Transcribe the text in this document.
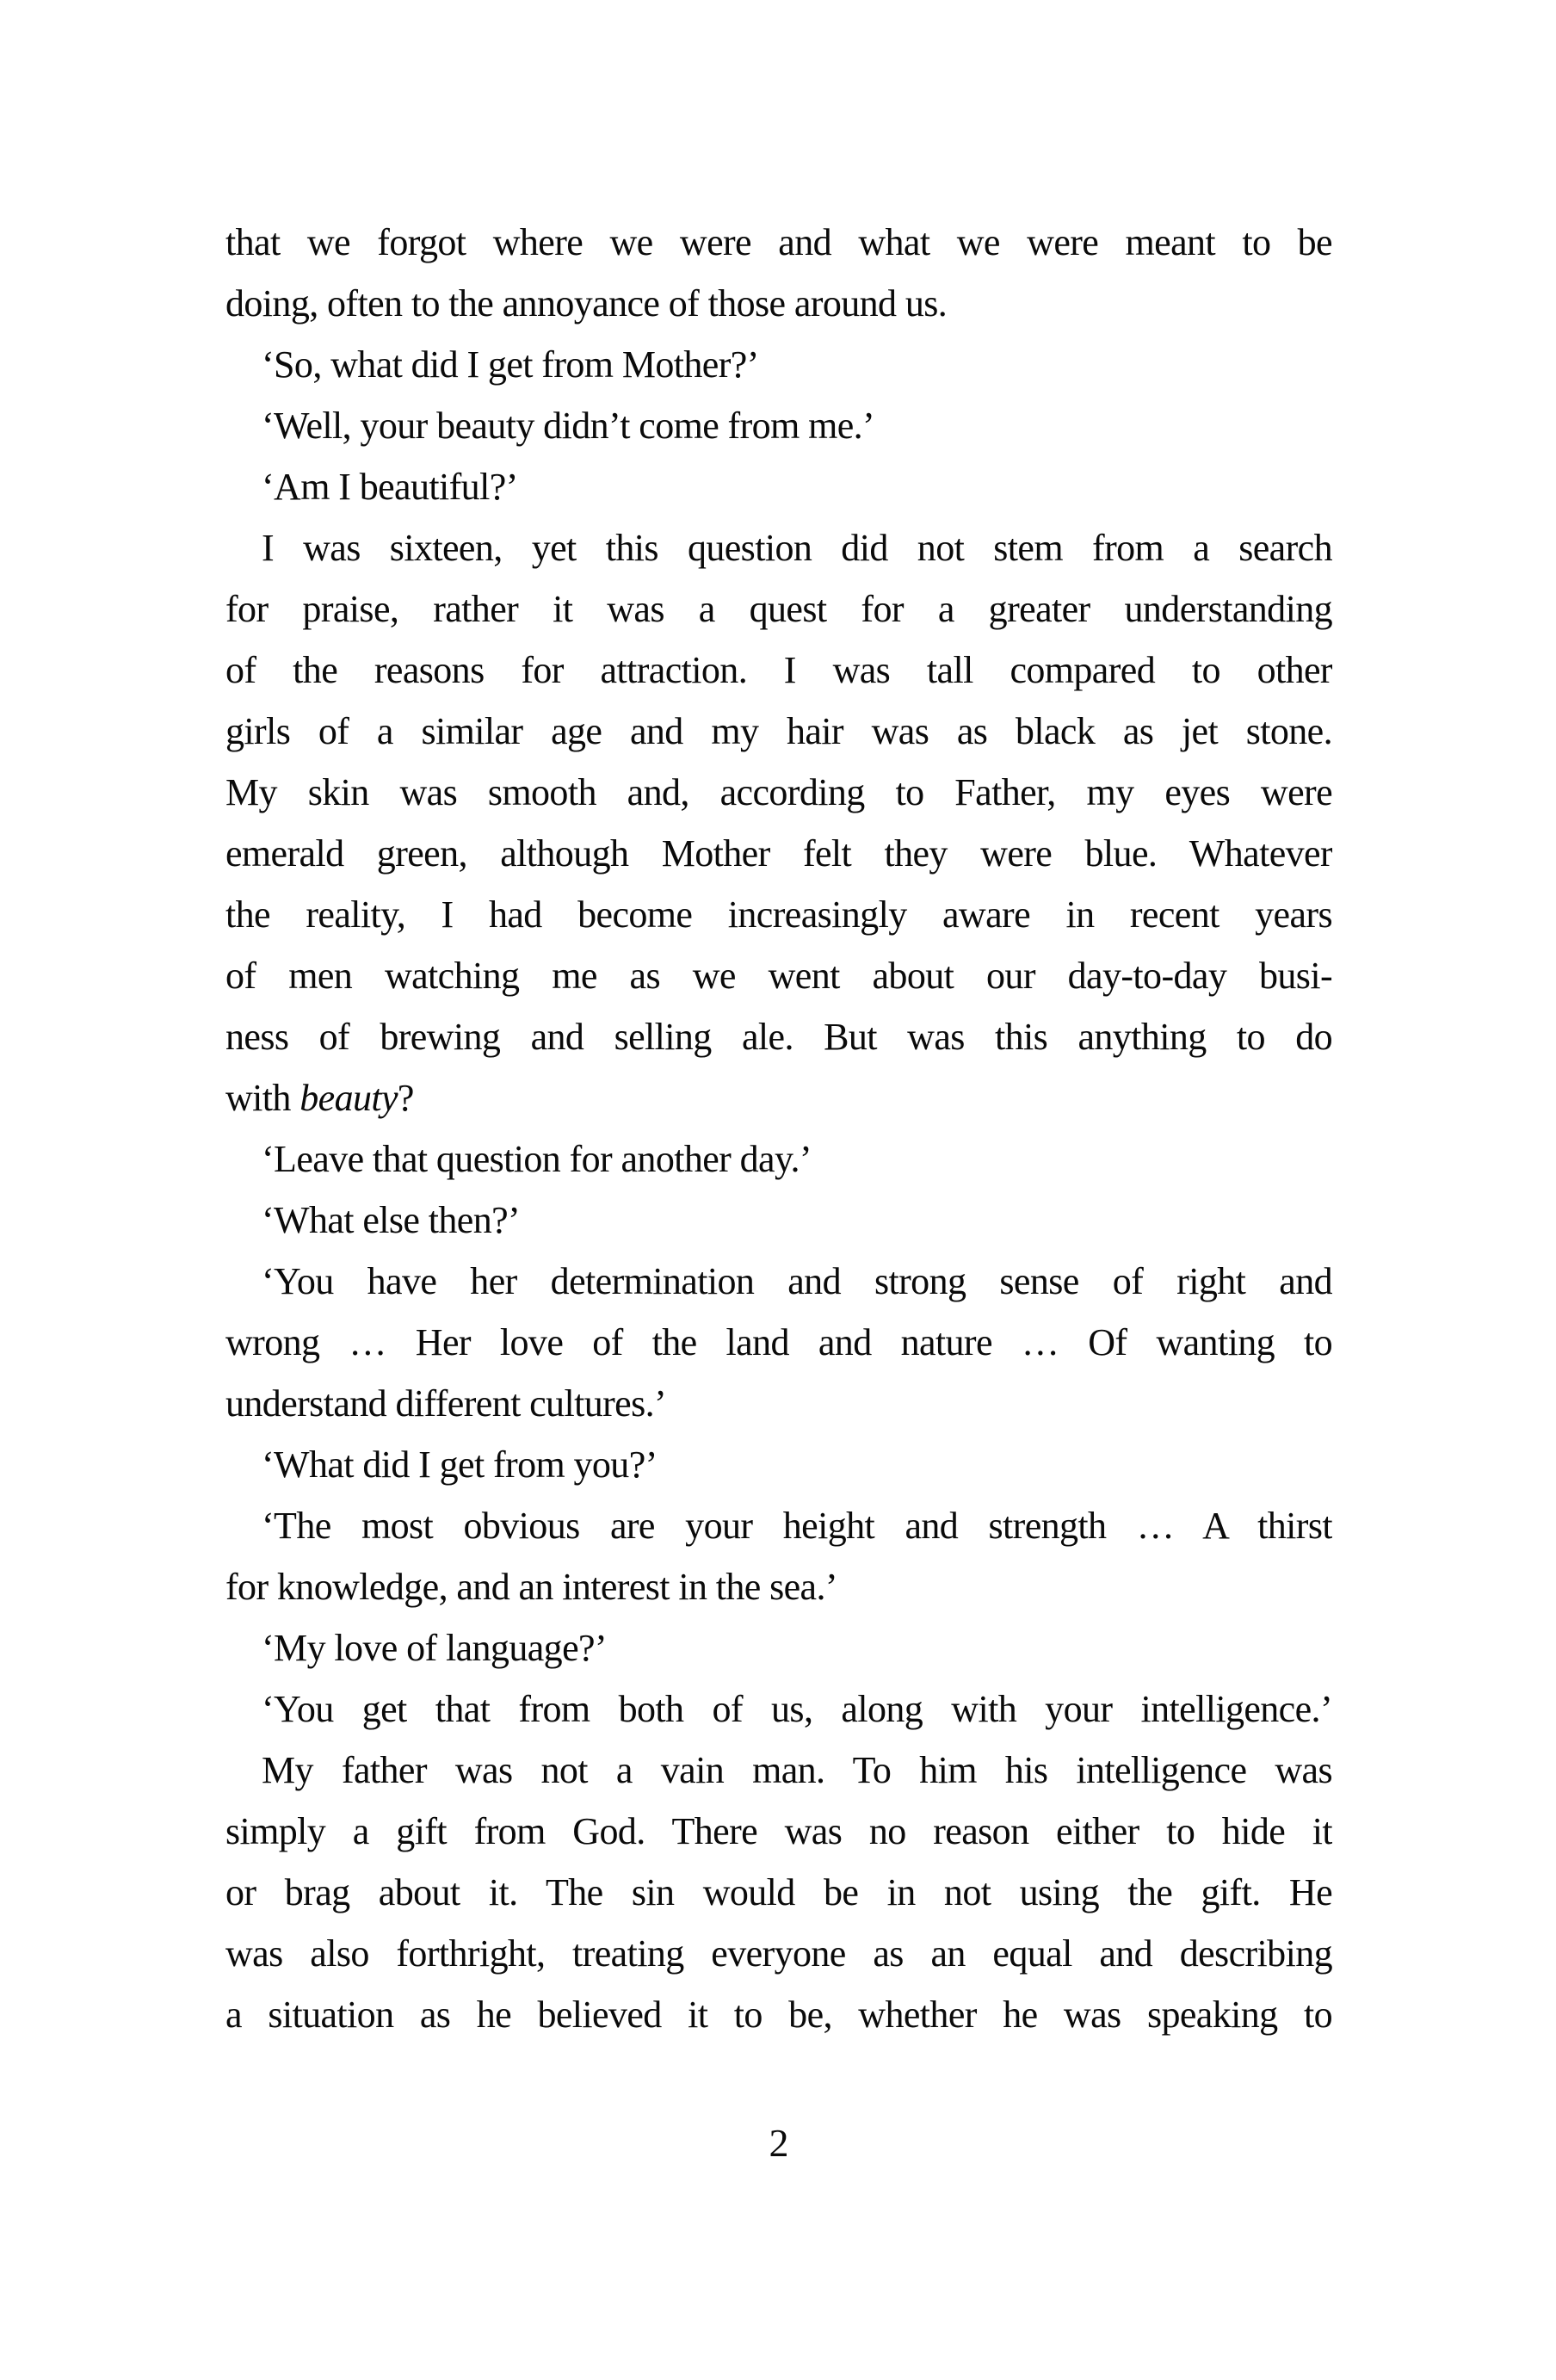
that we forgot where we were and what we were meant to be
doing, often to the annoyance of those around us.
‘So, what did I get from Mother?’
‘Well, your beauty didn’t come from me.’
‘Am I beautiful?’
I was sixteen, yet this question did not stem from a search
for praise, rather it was a quest for a greater understanding
of the reasons for attraction. I was tall compared to other
girls of a similar age and my hair was as black as jet stone.
My skin was smooth and, according to Father, my eyes were
emerald green, although Mother felt they were blue. Whatever
the reality, I had become increasingly aware in recent years
of men watching me as we went about our day-to-day busi-
ness of brewing and selling ale. But was this anything to do
with beauty?
‘Leave that question for another day.’
‘What else then?’
‘You have her determination and strong sense of right and
wrong … Her love of the land and nature … Of wanting to
understand different cultures.’
‘What did I get from you?’
‘The most obvious are your height and strength … A thirst
for knowledge, and an interest in the sea.’
‘My love of language?’
‘You get that from both of us, along with your intelligence.’
My father was not a vain man. To him his intelligence was
simply a gift from God. There was no reason either to hide it
or brag about it. The sin would be in not using the gift. He
was also forthright, treating everyone as an equal and describing
a situation as he believed it to be, whether he was speaking to
2
